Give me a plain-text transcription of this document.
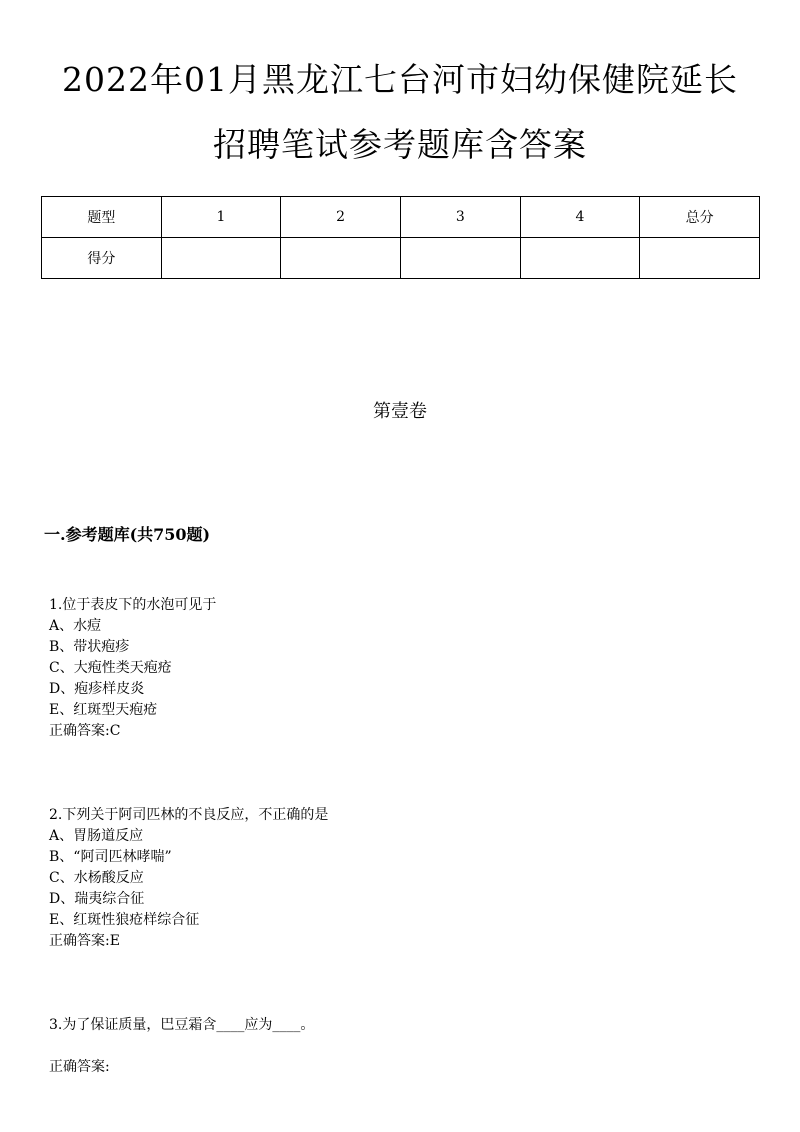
2022年01月黑龙江七台河市妇幼保健院延长
招聘笔试参考题库含答案
题型	1	2	3	4	总分
得分					
第壹卷
一.参考题库(共750题)
1.位于表皮下的水泡可见于
A、水痘
B、带状疱疹
C、大疱性类天疱疮
D、疱疹样皮炎
E、红斑型天疱疮
正确答案:C
2.下列关于阿司匹林的不良反应，不正确的是
A、胃肠道反应
B、“阿司匹林哮喘”
C、水杨酸反应
D、瑞夷综合征
E、红斑性狼疮样综合征
正确答案:E
3.为了保证质量，巴豆霜含____应为____。
正确答案:
